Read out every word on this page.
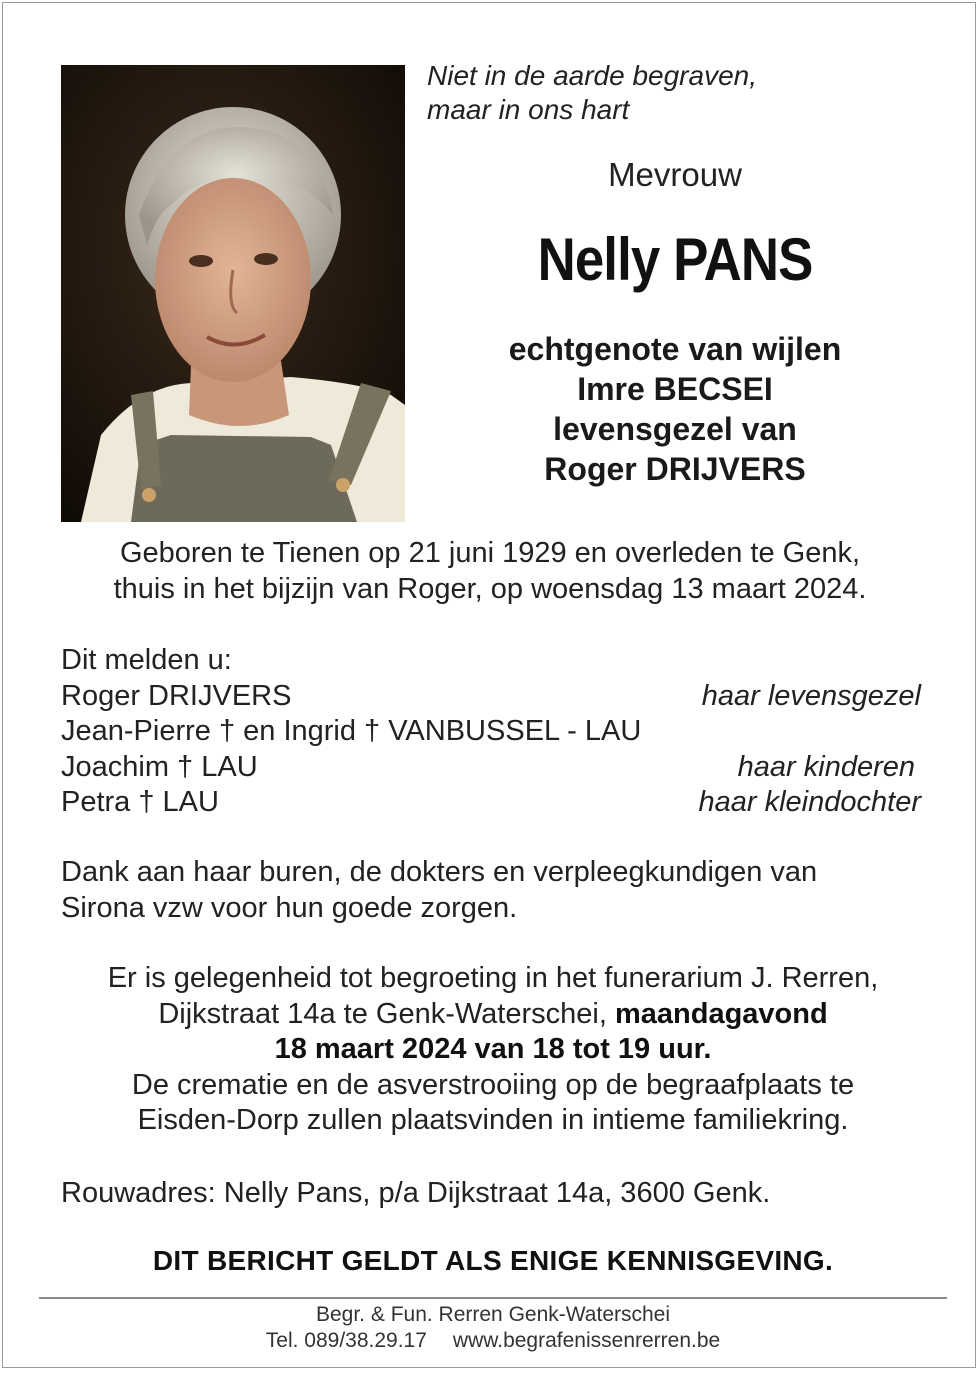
Niet in de aarde begraven,
maar in ons hart
Mevrouw
Nelly PANS
echtgenote van wijlen
Imre BECSEI
levensgezel van
Roger DRIJVERS
Geboren te Tienen op 21 juni 1929 en overleden te Genk,
thuis in het bijzijn van Roger, op woensdag 13 maart 2024.
Dit melden u:
Roger DRIJVERS	haar levensgezel
Jean-Pierre † en Ingrid † VANBUSSEL - LAU
Joachim † LAU	haar kinderen
Petra † LAU	haar kleindochter
Dank aan haar buren, de dokters en verpleegkundigen van
Sirona vzw voor hun goede zorgen.
Er is gelegenheid tot begroeting in het funerarium J. Rerren,
Dijkstraat 14a te Genk-Waterschei, maandagavond
18 maart 2024 van 18 tot 19 uur.
De crematie en de asverstrooiing op de begraafplaats te
Eisden-Dorp zullen plaatsvinden in intieme familiekring.
Rouwadres: Nelly Pans, p/a Dijkstraat 14a, 3600 Genk.
DIT BERICHT GELDT ALS ENIGE KENNISGEVING.
Begr. & Fun. Rerren Genk-Waterschei
Tel. 089/38.29.17 www.begrafenissenrerren.be
